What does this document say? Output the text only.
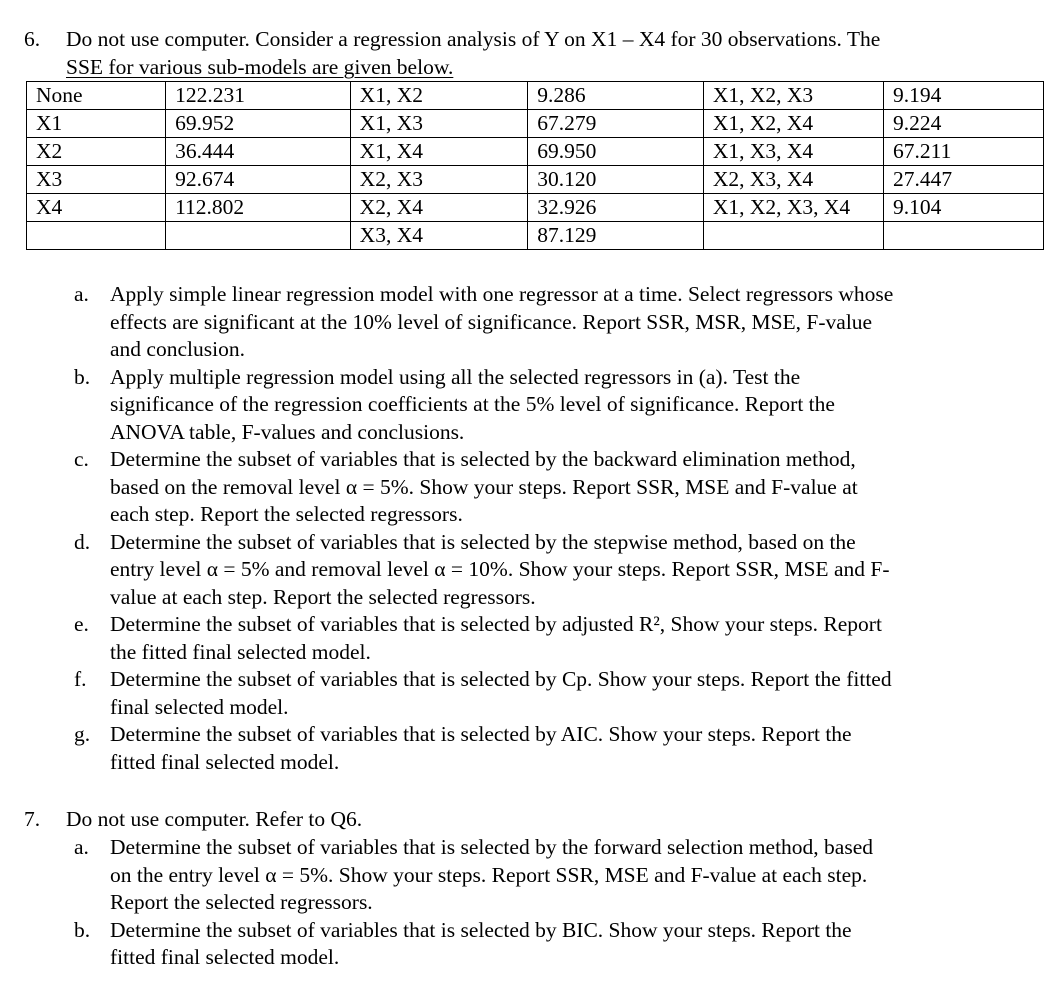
6.	Do not use computer. Consider a regression analysis of Y on X1 – X4 for 30 observations. The
SSE for various sub-models are given below.
None	122.231	X1, X2	9.286	X1, X2, X3	9.194
X1	69.952	X1, X3	67.279	X1, X2, X4	9.224
X2	36.444	X1, X4	69.950	X1, X3, X4	67.211
X3	92.674	X2, X3	30.120	X2, X3, X4	27.447
X4	112.802	X2, X4	32.926	X1, X2, X3, X4	9.104
		X3, X4	87.129		
a. Apply simple linear regression model with one regressor at a time. Select regressors whose
effects are significant at the 10% level of significance. Report SSR, MSR, MSE, F-value
and conclusion.
b. Apply multiple regression model using all the selected regressors in (a). Test the
significance of the regression coefficients at the 5% level of significance. Report the
ANOVA table, F-values and conclusions.
c. Determine the subset of variables that is selected by the backward elimination method,
based on the removal level α = 5%. Show your steps. Report SSR, MSE and F-value at
each step. Report the selected regressors.
d. Determine the subset of variables that is selected by the stepwise method, based on the
entry level α = 5% and removal level α = 10%. Show your steps. Report SSR, MSE and F-
value at each step. Report the selected regressors.
e. Determine the subset of variables that is selected by adjusted R², Show your steps. Report
the fitted final selected model.
f.	Determine the subset of variables that is selected by Cp. Show your steps. Report the fitted
final selected model.
g. Determine the subset of variables that is selected by AIC. Show your steps. Report the
fitted final selected model.
7.	Do not use computer. Refer to Q6.
a. Determine the subset of variables that is selected by the forward selection method, based
on the entry level α = 5%. Show your steps. Report SSR, MSE and F-value at each step.
Report the selected regressors.
b. Determine the subset of variables that is selected by BIC. Show your steps. Report the
fitted final selected model.
